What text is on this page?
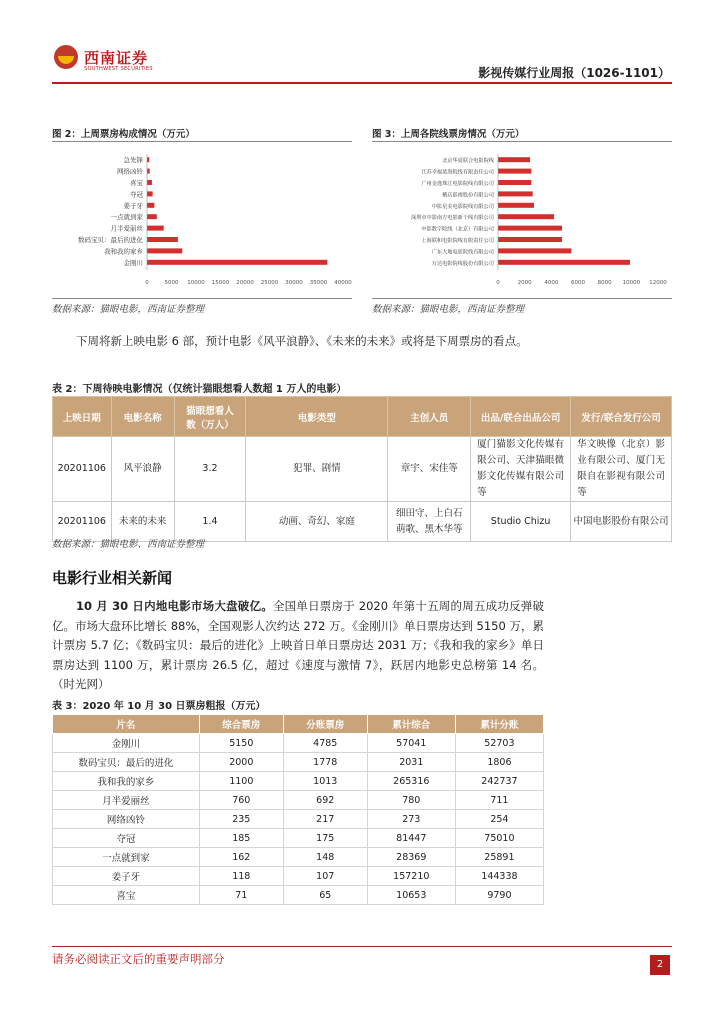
西南证券
SOUTHWEST SECURITIES	影视传媒行业周报（1026-1101）
图 2：上周票房构成情况（万元）
急先锋
网络凶铃
喜宝
夺冠
姜子牙
一点就到家
月半爱丽丝
数码宝贝：最后的进化
我和我的家乡
金刚川
0	5000 10000 15000 20000 25000 30000 35000 40000
数据来源：猫眼电影，西南证券整理
图 3：上周各院线票房情况（万元）
北京华夏联合电影院线
江苏幸福蓝海院线有限责任公司
广州金逸珠江电影院线有限公司
横店影视股份有限公司
中影星美电影院线有限公司
深圳市中影南方电影新干线有限公司
中影数字院线（北京）有限公司
上海联和电影院线有限责任公司
广东大地电影院线有限公司
万达电影院线股份有限公司
0	2000 4000 6000 8000 10000 12000
数据来源：猫眼电影，西南证券整理
下周将新上映电影 6 部，预计电影《风平浪静》、《未来的未来》或将是下周票房的看点。
表 2：下周待映电影情况（仅统计猫眼想看人数超 1 万人的电影）
上映日期	电影名称	猫眼想看人数（万人）	电影类型	主创人员	出品/联合出品公司	发行/联合发行公司
20201106	风平浪静	3.2	犯罪、剧情	章宇、宋佳等	厦门猫影文化传媒有限公司、天津猫眼微影文化传媒有限公司等	华文映像（北京）影业有限公司、厦门无限自在影视有限公司等
20201106	未来的未来	1.4	动画、奇幻、家庭	细田守、上白石萌歌、黑木华等	Studio Chizu	中国电影股份有限公司
数据来源：猫眼电影、西南证券整理
电影行业相关新闻
10 月 30 日内地电影市场大盘破亿。全国单日票房于 2020 年第十五周的周五成功反弹破亿。市场大盘环比增长 88%，全国观影人次约达 272 万。《金刚川》单日票房达到 5150 万，累计票房 5.7 亿；《数码宝贝：最后的进化》上映首日单日票房达 2031 万；《我和我的家乡》单日票房达到 1100 万，累计票房 26.5 亿，超过《速度与激情 7》，跃居内地影史总榜第 14 名。（时光网）
表 3：2020 年 10 月 30 日票房粗报（万元）
片名	综合票房	分账票房	累计综合	累计分账
金刚川	5150	4785	57041	52703
数码宝贝：最后的进化	2000	1778	2031	1806
我和我的家乡	1100	1013	265316	242737
月半爱丽丝	760	692	780	711
网络凶铃	235	217	273	254
夺冠	185	175	81447	75010
一点就到家	162	148	28369	25891
姜子牙	118	107	157210	144338
喜宝	71	65	10653	9790
请务必阅读正文后的重要声明部分	2
